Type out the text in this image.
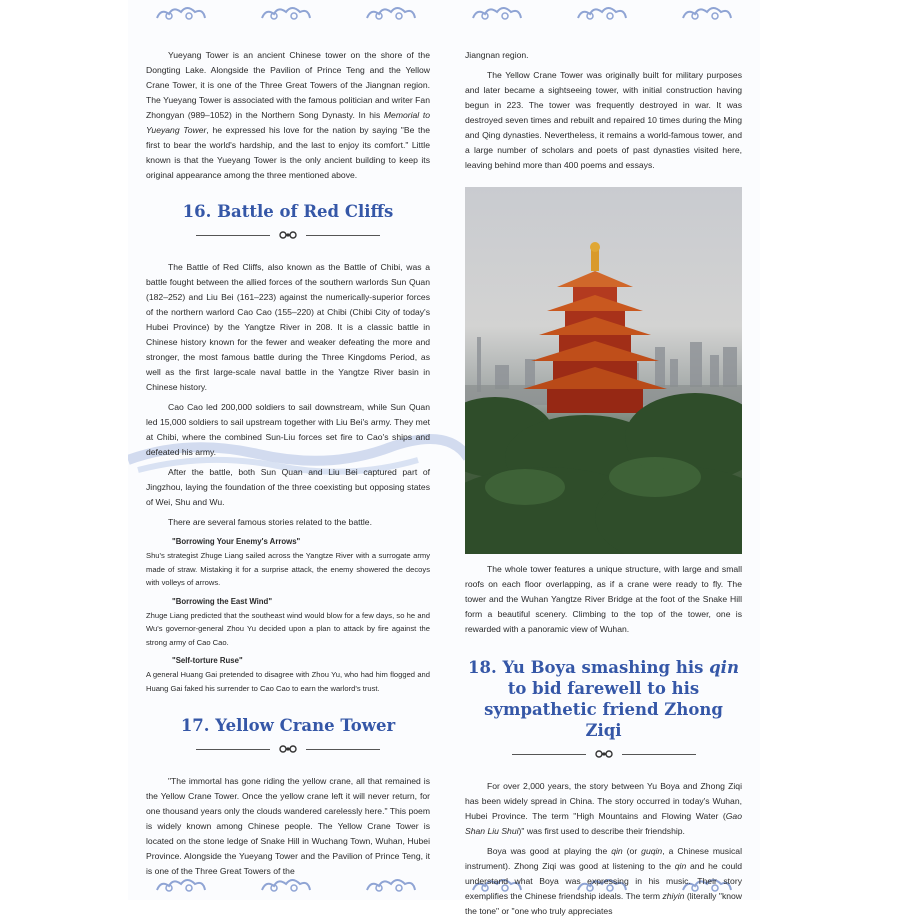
Yueyang Tower is an ancient Chinese tower on the shore of the Dongting Lake. Alongside the Pavilion of Prince Teng and the Yellow Crane Tower, it is one of the Three Great Towers of the Jiangnan region. The Yueyang Tower is associated with the famous politician and writer Fan Zhongyan (989–1052) in the Northern Song Dynasty. In his Memorial to Yueyang Tower, he expressed his love for the nation by saying "Be the first to bear the world's hardship, and the last to enjoy its comfort." Little known is that the Yueyang Tower is the only ancient building to keep its original appearance among the three mentioned above.

16. Battle of Red Cliffs

The Battle of Red Cliffs, also known as the Battle of Chibi, was a battle fought between the allied forces of the southern warlords Sun Quan (182–252) and Liu Bei (161–223) against the numerically-superior forces of the northern warlord Cao Cao (155–220) at Chibi (Chibi City of today's Hubei Province) by the Yangtze River in 208. It is a classic battle in Chinese history known for the fewer and weaker defeating the more and stronger, the most famous battle during the Three Kingdoms Period, as well as the first large-scale naval battle in the Yangtze River basin in Chinese history.

Cao Cao led 200,000 soldiers to sail downstream, while Sun Quan led 15,000 soldiers to sail upstream together with Liu Bei's army. They met at Chibi, where the combined Sun-Liu forces set fire to Cao's ships and defeated his army.

After the battle, both Sun Quan and Liu Bei captured part of Jingzhou, laying the foundation of the three coexisting but opposing states of Wei, Shu and Wu.

There are several famous stories related to the battle.

"Borrowing Your Enemy's Arrows"

Shu's strategist Zhuge Liang sailed across the Yangtze River with a surrogate army made of straw. Mistaking it for a surprise attack, the enemy showered the decoys with volleys of arrows.

"Borrowing the East Wind"

Zhuge Liang predicted that the southeast wind would blow for a few days, so he and Wu's governor-general Zhou Yu decided upon a plan to attack by fire against the strong army of Cao Cao.

"Self-torture Ruse"

A general Huang Gai pretended to disagree with Zhou Yu, who had him flogged and Huang Gai faked his surrender to Cao Cao to earn the warlord's trust.

17. Yellow Crane Tower

"The immortal has gone riding the yellow crane, all that remained is the Yellow Crane Tower. Once the yellow crane left it will never return, for one thousand years only the clouds wandered carelessly here." This poem is widely known among Chinese people. The Yellow Crane Tower is located on the stone ledge of Snake Hill in Wuchang Town, Wuhan, Hubei Province. Alongside the Yueyang Tower and the Pavilion of Prince Teng, it is one of the Three Great Towers of the

Jiangnan region.

The Yellow Crane Tower was originally built for military purposes and later became a sightseeing tower, with initial construction having begun in 223. The tower was frequently destroyed in war. It was destroyed seven times and rebuilt and repaired 10 times during the Ming and Qing dynasties. Nevertheless, it remains a world-famous tower, and a large number of scholars and poets of past dynasties visited here, leaving behind more than 400 poems and essays.

The whole tower features a unique structure, with large and small roofs on each floor overlapping, as if a crane were ready to fly. The tower and the Wuhan Yangtze River Bridge at the foot of the Snake Hill form a beautiful scenery. Climbing to the top of the tower, one is rewarded with a panoramic view of Wuhan.

18. Yu Boya smashing his qin to bid farewell to his sympathetic friend Zhong Ziqi

For over 2,000 years, the story between Yu Boya and Zhong Ziqi has been widely spread in China. The story occurred in today's Wuhan, Hubei Province. The term "High Mountains and Flowing Water (Gao Shan Liu Shui)" was first used to describe their friendship.

Boya was good at playing the qin (or guqin, a Chinese musical instrument). Zhong Ziqi was good at listening to the qin and he could understand what Boya was expressing in his music. Their story exemplifies the Chinese friendship ideals. The term zhiyin (literally "know the tone" or "one who truly appreciates
